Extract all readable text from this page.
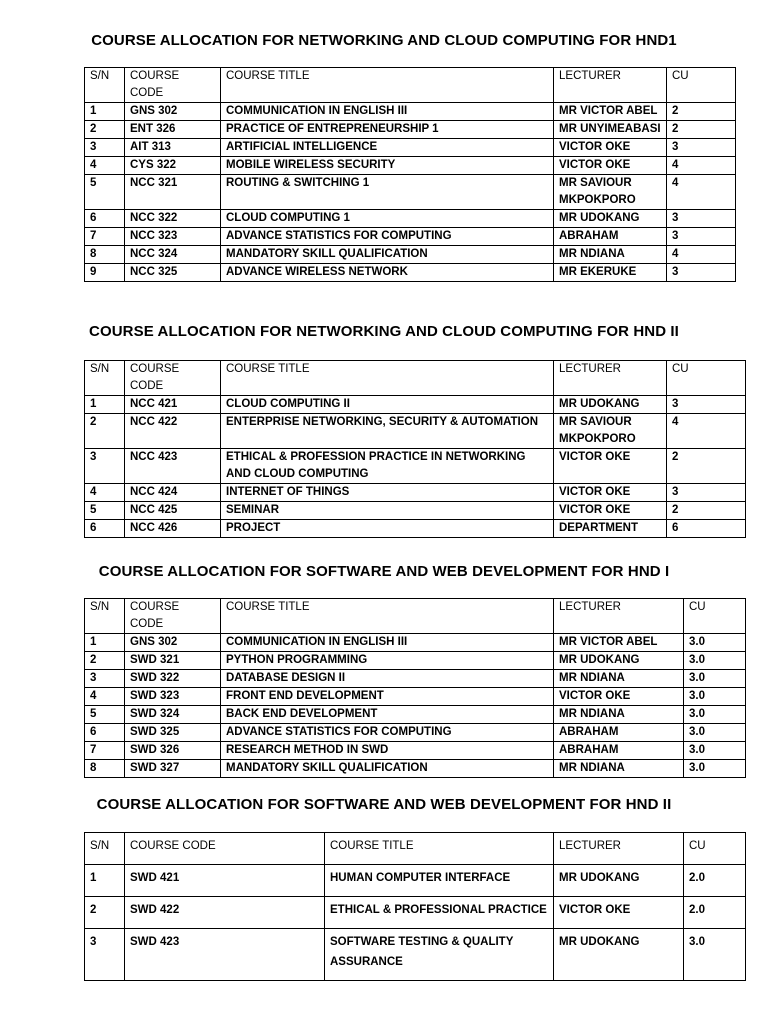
COURSE ALLOCATION FOR NETWORKING AND CLOUD COMPUTING FOR HND1
S/N	COURSE CODE	COURSE TITLE	LECTURER	CU
1	GNS 302	COMMUNICATION IN ENGLISH III	MR VICTOR ABEL	2
2	ENT 326	PRACTICE OF ENTREPRENEURSHIP 1	MR UNYIMEABASI	2
3	AIT 313	ARTIFICIAL INTELLIGENCE	VICTOR OKE	3
4	CYS 322	MOBILE WIRELESS SECURITY	VICTOR OKE	4
5	NCC 321	ROUTING & SWITCHING 1	MR SAVIOUR MKPOKPORO	4
6	NCC 322	CLOUD COMPUTING 1	MR UDOKANG	3
7	NCC 323	ADVANCE STATISTICS FOR COMPUTING	ABRAHAM	3
8	NCC 324	MANDATORY SKILL QUALIFICATION	MR NDIANA	4
9	NCC 325	ADVANCE WIRELESS NETWORK	MR EKERUKE	3
COURSE ALLOCATION FOR NETWORKING AND CLOUD COMPUTING FOR HND II
S/N	COURSE CODE	COURSE TITLE	LECTURER	CU
1	NCC 421	CLOUD COMPUTING II	MR UDOKANG	3
2	NCC 422	ENTERPRISE NETWORKING, SECURITY & AUTOMATION	MR SAVIOUR MKPOKPORO	4
3	NCC 423	ETHICAL & PROFESSION PRACTICE IN NETWORKING AND CLOUD COMPUTING	VICTOR OKE	2
4	NCC 424	INTERNET OF THINGS	VICTOR OKE	3
5	NCC 425	SEMINAR	VICTOR OKE	2
6	NCC 426	PROJECT	DEPARTMENT	6
COURSE ALLOCATION FOR SOFTWARE AND WEB DEVELOPMENT FOR HND I
S/N	COURSE CODE	COURSE TITLE	LECTURER	CU
1	GNS 302	COMMUNICATION IN ENGLISH III	MR VICTOR ABEL	3.0
2	SWD 321	PYTHON PROGRAMMING	MR UDOKANG	3.0
3	SWD 322	DATABASE DESIGN II	MR NDIANA	3.0
4	SWD 323	FRONT END DEVELOPMENT	VICTOR OKE	3.0
5	SWD 324	BACK END DEVELOPMENT	MR NDIANA	3.0
6	SWD 325	ADVANCE STATISTICS FOR COMPUTING	ABRAHAM	3.0
7	SWD 326	RESEARCH METHOD IN SWD	ABRAHAM	3.0
8	SWD 327	MANDATORY SKILL QUALIFICATION	MR NDIANA	3.0
COURSE ALLOCATION FOR SOFTWARE AND WEB DEVELOPMENT FOR HND II
S/N	COURSE CODE	COURSE TITLE	LECTURER	CU
1	SWD 421	HUMAN COMPUTER INTERFACE	MR UDOKANG	2.0
2	SWD 422	ETHICAL & PROFESSIONAL PRACTICE	VICTOR OKE	2.0
3	SWD 423	SOFTWARE TESTING & QUALITY ASSURANCE	MR UDOKANG	3.0
